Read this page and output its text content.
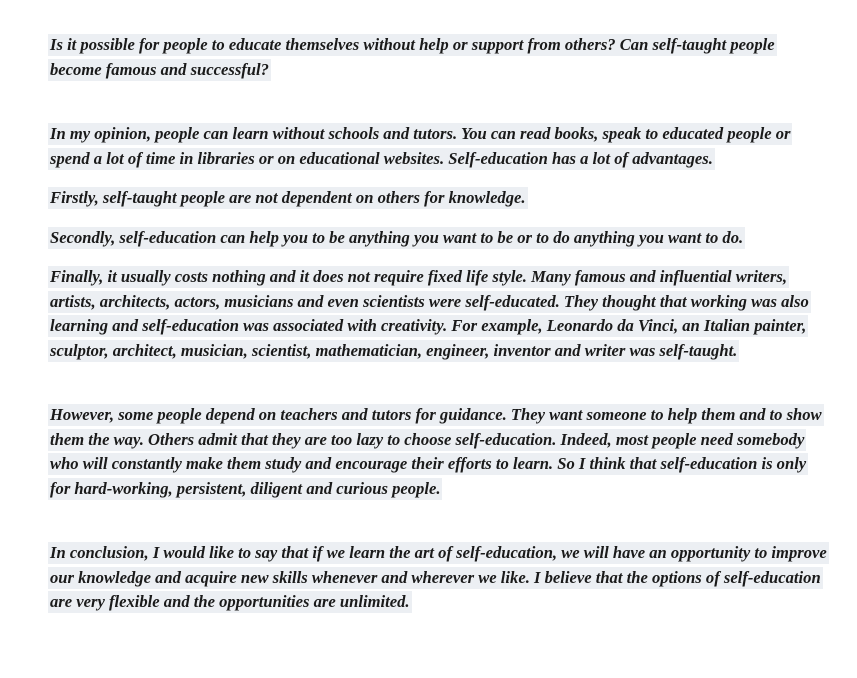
Is it possible for people to educate themselves without help or support from others? Can self-taught people become famous and successful?

In my opinion, people can learn without schools and tutors. You can read books, speak to educated people or spend a lot of time in libraries or on educational websites. Self-education has a lot of advantages.

Firstly, self-taught people are not dependent on others for knowledge.

Secondly, self-education can help you to be anything you want to be or to do anything you want to do.

Finally, it usually costs nothing and it does not require fixed life style. Many famous and influential writers, artists, architects, actors, musicians and even scientists were self-educated. They thought that working was also learning and self-education was associated with creativity. For example, Leonardo da Vinci, an Italian painter, sculptor, architect, musician, scientist, mathematician, engineer, inventor and writer was self-taught.

However, some people depend on teachers and tutors for guidance. They want someone to help them and to show them the way. Others admit that they are too lazy to choose self-education. Indeed, most people need somebody who will constantly make them study and encourage their efforts to learn. So I think that self-education is only for hard-working, persistent, diligent and curious people.

In conclusion, I would like to say that if we learn the art of self-education, we will have an opportunity to improve our knowledge and acquire new skills whenever and wherever we like. I believe that the options of self-education are very flexible and the opportunities are unlimited.
